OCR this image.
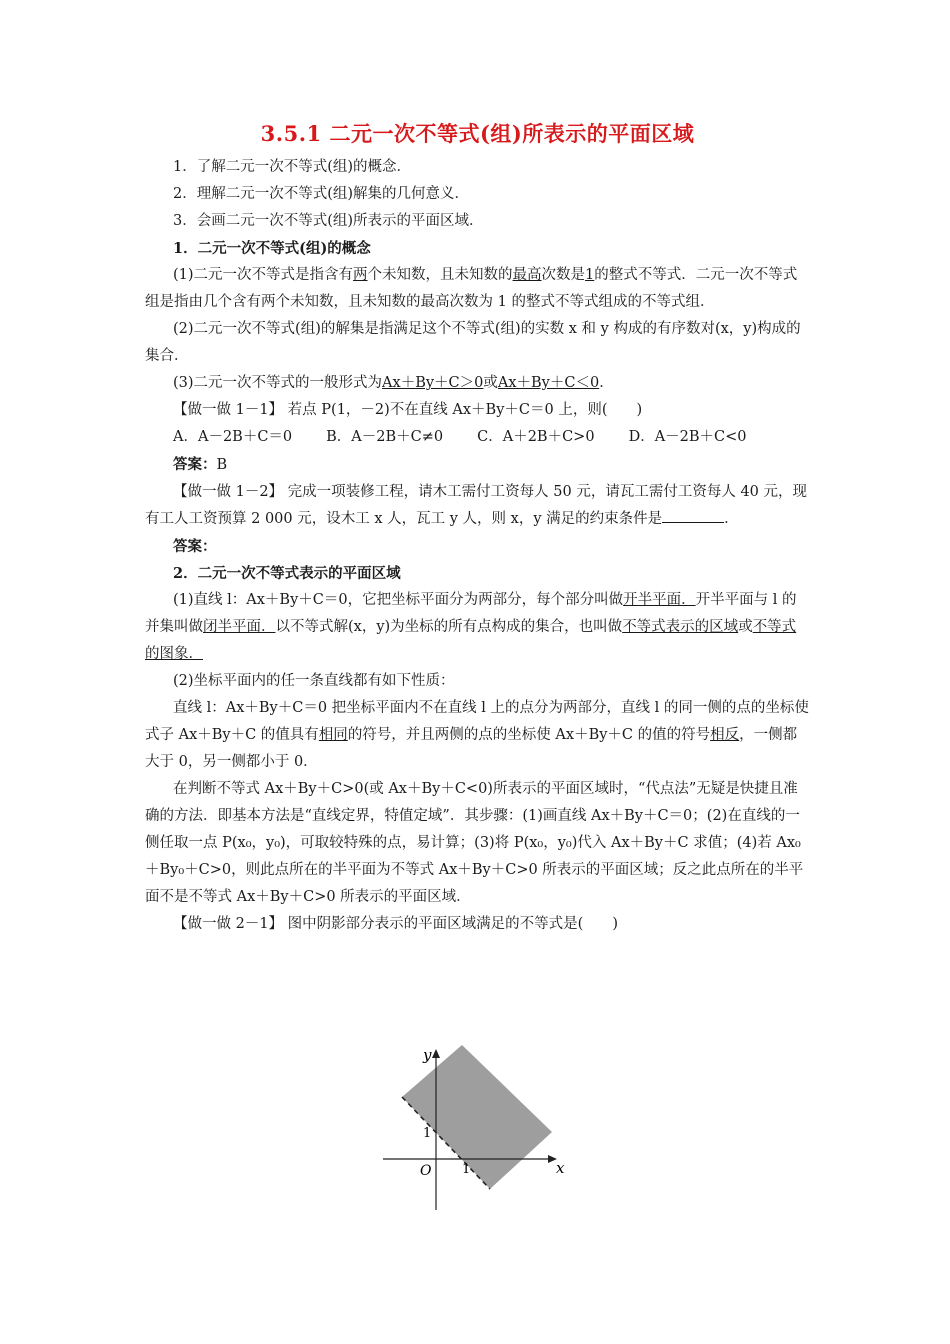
3.5.1 二元一次不等式(组)所表示的平面区域

1．了解二元一次不等式(组)的概念．

2．理解二元一次不等式(组)解集的几何意义．

3．会画二元一次不等式(组)所表示的平面区域．

1．二元一次不等式(组)的概念

(1)二元一次不等式是指含有两个未知数，且未知数的最高次数是1的整式不等式．二元一次不等式组是指由几个含有两个未知数，且未知数的最高次数为 1 的整式不等式组成的不等式组．

(2)二元一次不等式(组)的解集是指满足这个不等式(组)的实数 x 和 y 构成的有序数对(x，y)构成的集合．

(3)二元一次不等式的一般形式为Ax＋By＋C＞0或Ax＋By＋C＜0．

【做一做 1－1】 若点 P(1，－2)不在直线 Ax＋By＋C＝0 上，则(　　)

A．A－2B＋C＝0 B．A－2B＋C≠0 C．A＋2B＋C>0 D．A－2B＋C<0

答案：B

【做一做 1－2】 完成一项装修工程，请木工需付工资每人 50 元，请瓦工需付工资每人 40 元，现有工人工资预算 2 000 元，设木工 x 人，瓦工 y 人，则 x，y 满足的约束条件是	．

答案：

2．二元一次不等式表示的平面区域

(1)直线 l：Ax＋By＋C＝0，它把坐标平面分为两部分，每个部分叫做开半平面．开半平面与 l 的并集叫做闭半平面．以不等式解(x，y)为坐标的所有点构成的集合，也叫做不等式表示的区域或不等式的图象．

(2)坐标平面内的任一条直线都有如下性质：

直线 l：Ax＋By＋C＝0 把坐标平面内不在直线 l 上的点分为两部分，直线 l 的同一侧的点的坐标使式子 Ax＋By＋C 的值具有相同的符号，并且两侧的点的坐标使 Ax＋By＋C 的值的符号相反，一侧都大于 0，另一侧都小于 0．

在判断不等式 Ax＋By＋C>0(或 Ax＋By＋C<0)所表示的平面区域时，“代点法”无疑是快捷且准确的方法．即基本方法是“直线定界，特值定域”．其步骤：(1)画直线 Ax＋By＋C＝0；(2)在直线的一侧任取一点 P(x₀，y₀)，可取较特殊的点，易计算；(3)将 P(x₀，y₀)代入 Ax＋By＋C 求值；(4)若 Ax₀＋By₀＋C>0，则此点所在的半平面为不等式 Ax＋By＋C>0 所表示的平面区域；反之此点所在的半平面不是不等式 Ax＋By＋C>0 所表示的平面区域．

【做一做 2－1】 图中阴影部分表示的平面区域满足的不等式是(　　)

y
x
O 1
1
